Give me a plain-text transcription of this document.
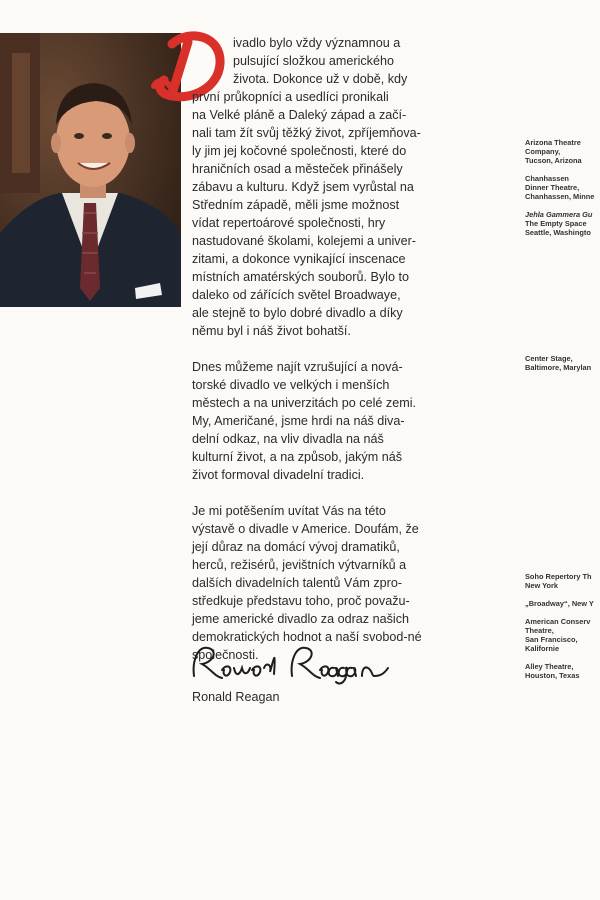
ivadlo bylo vždy významnou a
pulsující složkou amerického
života. Dokonce už v době, kdy
první průkopníci a usedlíci pronikali
na Velké pláně a Daleký západ a začí-
nali tam žít svůj těžký život, zpříjemňova-
ly jim jej kočovné společnosti, které do
hraničních osad a městeček přinášely
zábavu a kulturu. Když jsem vyrůstal na
Středním západě, měli jsme možnost
vídat repertoárové společnosti, hry
nastudované školami, kolejemi a univer-
zitami, a dokonce vynikající inscenace
místních amatérských souborů. Bylo to
daleko od zářících světel Broadwaye,
ale stejně to bylo dobré divadlo a díky
němu byl i náš život bohatší.

Dnes můžeme najít vzrušující a nová-torské divadlo ve velkých i menších městech a na univerzitách po celé zemi. My, Američané, jsme hrdi na náš diva-delní odkaz, na vliv divadla na náš kulturní život, a na způsob, jakým náš život formoval divadelní tradici.

Je mi potěšením uvítat Vás na této výstavě o divadle v Americe. Doufám, že její důraz na domácí vývoj dramatiků, herců, režisérů, jevištních výtvarníků a dalších divadelních talentů Vám zpro-středkuje představu toho, proč považu-jeme americké divadlo za odraz našich demokratických hodnot a naší svobod-né společnosti.

Ronald Reagan
Arizona Theatre
Company,
Tucson, Arizona

Chanhassen
Dinner Theatre,
Chanhassen, Minne

Jehla Gammera Gu
The Empty Space
Seattle, Washingto
Center Stage,
Baltimore, Marylan
Soho Repertory Th
New York

„Broadway“, New Y

American Conserv
Theatre,
San Francisco,
Kalifornie

Alley Theatre,
Houston, Texas
